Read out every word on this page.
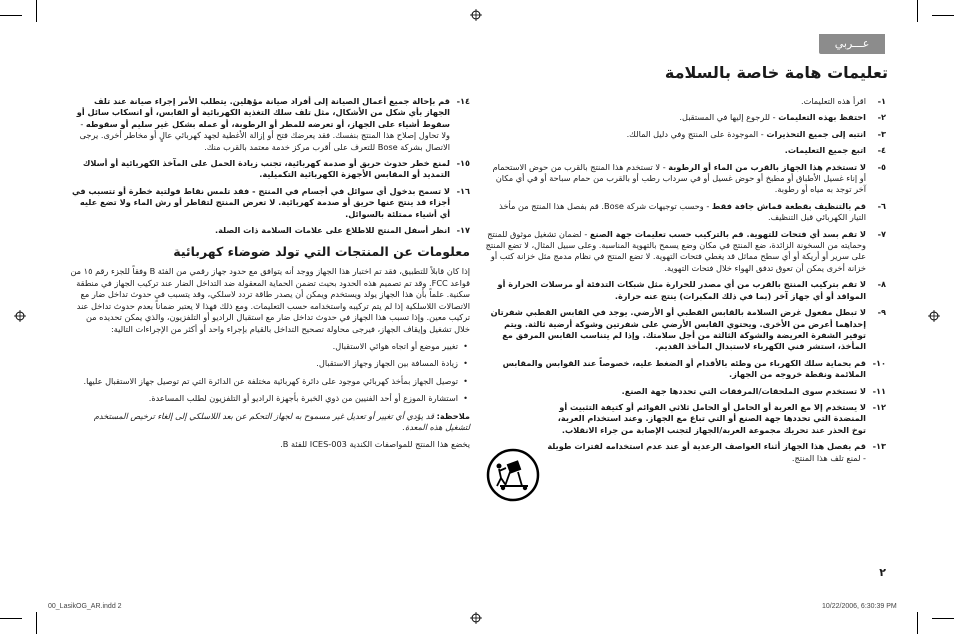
عـــربي
تعليمات هامة خاصة بالسلامة
١-
اقرأ هذه التعليمات.
٢-
احتفظ بهذه التعليمات - للرجوع إليها في المستقبل.
٣-
انتبه إلى جميع التحذيرات - الموجودة على المنتج وفي دليل المالك.
٤-
اتبع جميع التعليمات.
٥-
لا تستخدم هذا الجهاز بالقرب من الماء أو الرطوبة - لا تستخدم هذا المنتج بالقرب من حوض الاستحمام أو إناء غسيل الأطباق أو مطبخ أو حوض غسيل أو في سرداب رطب أو بالقرب من حمام سباحة أو في أي مكان آخر توجد به مياه أو رطوبة.
٦-
قم بالتنظيف بقطعة قماش جافة فقط - وحسب توجيهات شركة Bose. قم بفصل هذا المنتج من مأخذ التيار الكهربائي قبل التنظيف.
٧-
لا تقم بسد أي فتحات للتهوية. قم بالتركيب حسب تعليمات جهة الصنع - لضمان تشغيل موثوق للمنتج وحمايته من السخونة الزائدة، ضع المنتج في مكان وضع يسمح بالتهوية المناسبة. وعلى سبيل المثال، لا تضع المنتج على سرير أو أريكة أو أي سطح مماثل قد يغطي فتحات التهوية. لا تضع المنتج في نظام مدمج مثل خزانة كتب أو خزانة أخرى يمكن أن تعوق تدفق الهواء خلال فتحات التهوية.
٨-
لا تقم بتركيب المنتج بالقرب من أي مصدر للحرارة مثل شبكات التدفئة أو مرسلات الحرارة أو المواقد أو أي جهاز آخر (بما في ذلك المكبرات) ينتج عنه حرارة.
٩-
لا تبطل مفعول غرض السلامة بالقابس القطبي أو الأرضي. يوجد في القابس القطبي شفرتان إحداهما أعرض من الأخرى. ويحتوي القابس الأرضي على شفرتين وشوكة أرضية ثالثة. ويتم توفير الشفرة العريضة والشوكة الثالثة من أجل سلامتك. وإذا لم يتناسب القابس المرفق مع المأخذ، استشر فني الكهرباء لاستبدال المأخذ القديم.
١٠-
قم بحماية سلك الكهرباء من وطئه بالأقدام أو الضغط عليه، خصوصاً عند القوابس والمقابس الملائمة ونقطة خروجه من الجهاز.
١١-
لا تستخدم سوى الملحقات/المرفقات التي تحددها جهة الصنع.
١٢-
لا يستخدم إلا مع العربة أو الحامل أو الحامل ثلاثي القوائم أو كتيفة التثبيت أو المنضدة التي تحددها جهة الصنع أو التي تباع مع الجهاز. وعند استخدام العربة، توخ الحذر عند تحريك مجموعة العربة/الجهاز لتجنب الإصابة من جراء الانقلاب.
١٣-
قم بفصل هذا الجهاز أثناء العواصف الرعدية أو عند عدم استخدامه لفترات طويلة - لمنع تلف هذا المنتج.
١٤-
قم بإحالة جميع أعمال الصيانة إلى أفراد صيانة مؤهلين. يتطلب الأمر إجراء صيانة عند تلف الجهاز بأي شكل من الأشكال، مثل تلف سلك التغذية الكهربائية أو القابس، أو انسكاب سائل أو سقوط أشياء على الجهاز، أو تعرضه للمطر أو الرطوبة، أو عمله بشكل غير سليم أو سقوطه - ولا تحاول إصلاح هذا المنتج بنفسك. فقد يعرضك فتح أو إزالة الأغطية لجهد كهربائي عالٍ أو مخاطر أخرى. يرجى الاتصال بشركة Bose للتعرف على أقرب مركز خدمة معتمد بالقرب منك.
١٥-
لمنع خطر حدوث حريق أو صدمة كهربائية، تجنب زيادة الحمل على المآخذ الكهربائية أو أسلاك التمديد أو المقابس الأجهزة الكهربائية التكميلية.
١٦-
لا تسمح بدخول أي سوائل في أجسام في المنتج - فقد تلمس نقاط فولتية خطرة أو تتسبب في أجزاء قد ينتج عنها حريق أو صدمة كهربائية. لا تعرض المنتج لتقاطر أو رش الماء ولا تضع عليه أي أشياء ممتلئة بالسوائل.
١٧-
انظر أسفل المنتج للاطلاع على علامات السلامة ذات الصلة.
معلومات عن المنتجات التي تولد ضوضاء كهربائية

إذا كان قابلاً للتطبيق، فقد تم اختبار هذا الجهاز ووجد أنه يتوافق مع حدود جهاز رقمي من الفئة B وفقاً للجزء رقم ١٥ من قواعد FCC. وقد تم تصميم هذه الحدود بحيث تضمن الحماية المعقولة ضد التداخل الضار عند تركيب الجهاز في منطقة سكنية. علماً بأن هذا الجهاز يولد ويستخدم ويمكن أن يصدر طاقة تردد لاسلكي، وقد يتسبب في حدوث تداخل ضار مع الاتصالات اللاسلكية إذا لم يتم تركيبه واستخدامه حسب التعليمات. ومع ذلك فهذا لا يعتبر ضماناً بعدم حدوث تداخل عند تركيب معين. وإذا تسبب هذا الجهاز في حدوث تداخل ضار مع استقبال الراديو أو التلفزيون، والذي يمكن تحديده من خلال تشغيل وإيقاف الجهاز، فيرجى محاولة تصحيح التداخل بالقيام بإجراء واحد أو أكثر من الإجراءات التالية:

• تغيير موضع أو اتجاه هوائي الاستقبال.
• زيادة المسافة بين الجهاز وجهاز الاستقبال.
• توصيل الجهاز بمأخذ كهربائي موجود على دائرة كهربائية مختلفة عن الدائرة التي تم توصيل جهاز الاستقبال عليها.
• استشارة الموزع أو أحد الفنيين من ذوي الخبرة بأجهزة الراديو أو التلفزيون لطلب المساعدة.

ملاحظة: قد يؤدي أي تغيير أو تعديل غير مسموح به لجهاز التحكم عن بعد اللاسلكي إلى إلغاء ترخيص المستخدم لتشغيل هذه المعدة.

يخضع هذا المنتج للمواصفات الكندية ICES-003 للفئة B.

٢
00_LasikOG_AR.indd 2	10/22/2006, 6:30:39 PM
